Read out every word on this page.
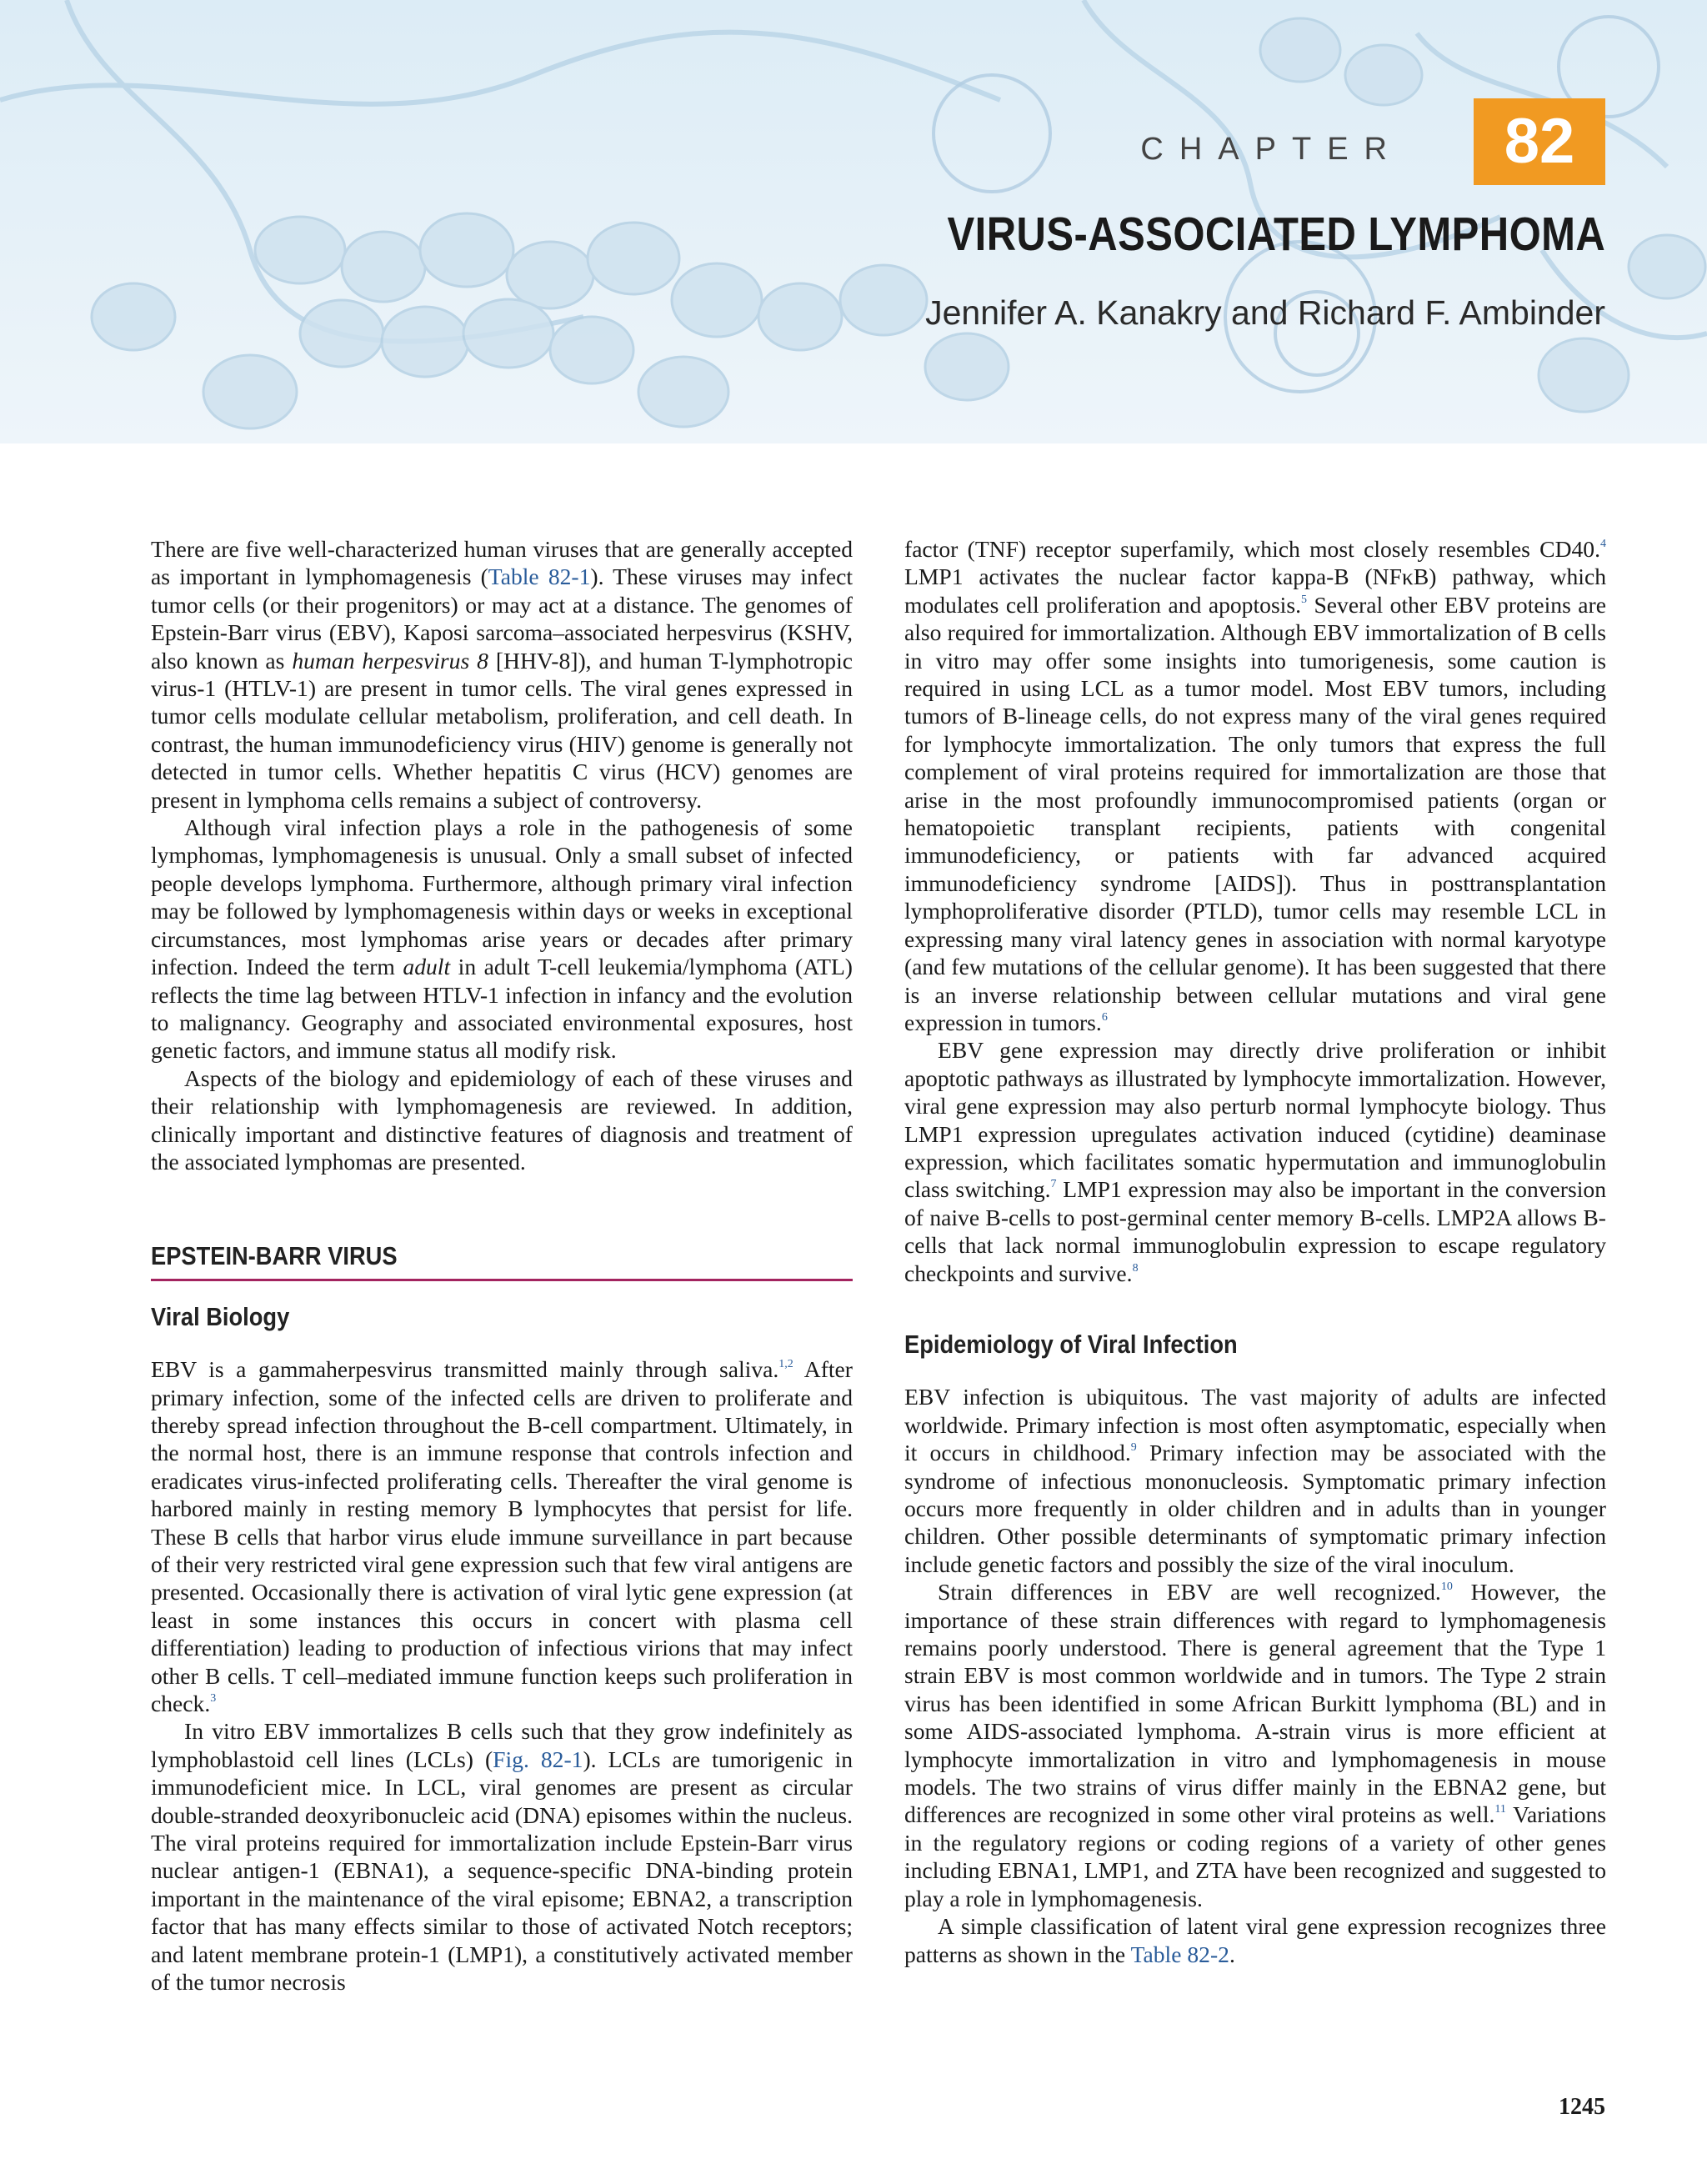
CHAPTER	82
VIRUS-ASSOCIATED LYMPHOMA
Jennifer A. Kanakry and Richard F. Ambinder

There are five well-characterized human viruses that are generally accepted as important in lymphomagenesis (Table 82-1). These viruses may infect tumor cells (or their progenitors) or may act at a distance. The genomes of Epstein-Barr virus (EBV), Kaposi sarcoma–associated herpesvirus (KSHV, also known as human herpesvirus 8 [HHV-8]), and human T-lymphotropic virus-1 (HTLV-1) are present in tumor cells. The viral genes expressed in tumor cells modulate cellular metabolism, proliferation, and cell death. In contrast, the human immunodeficiency virus (HIV) genome is generally not detected in tumor cells. Whether hepatitis C virus (HCV) genomes are present in lymphoma cells remains a subject of controversy.

Although viral infection plays a role in the pathogenesis of some lymphomas, lymphomagenesis is unusual. Only a small subset of infected people develops lymphoma. Furthermore, although primary viral infection may be followed by lymphomagenesis within days or weeks in exceptional circumstances, most lymphomas arise years or decades after primary infection. Indeed the term adult in adult T-cell leukemia/lymphoma (ATL) reflects the time lag between HTLV-1 infection in infancy and the evolution to malignancy. Geography and associated environmental exposures, host genetic factors, and immune status all modify risk.

Aspects of the biology and epidemiology of each of these viruses and their relationship with lymphomagenesis are reviewed. In addition, clinically important and distinctive features of diagnosis and treatment of the associated lymphomas are presented.

EPSTEIN-BARR VIRUS
Viral Biology

EBV is a gammaherpesvirus transmitted mainly through saliva.$^{1,2}$ After primary infection, some of the infected cells are driven to proliferate and thereby spread infection throughout the B-cell compartment. Ultimately, in the normal host, there is an immune response that controls infection and eradicates virus-infected proliferating cells. Thereafter the viral genome is harbored mainly in resting memory B lymphocytes that persist for life. These B cells that harbor virus elude immune surveillance in part because of their very restricted viral gene expression such that few viral antigens are presented. Occasionally there is activation of viral lytic gene expression (at least in some instances this occurs in concert with plasma cell differentiation) leading to production of infectious virions that may infect other B cells. T cell–mediated immune function keeps such proliferation in check.$^3$

In vitro EBV immortalizes B cells such that they grow indefinitely as lymphoblastoid cell lines (LCLs) (Fig. 82-1). LCLs are tumorigenic in immunodeficient mice. In LCL, viral genomes are present as circular double-stranded deoxyribonucleic acid (DNA) episomes within the nucleus. The viral proteins required for immortalization include Epstein-Barr virus nuclear antigen-1 (EBNA1), a sequence-specific DNA-binding protein important in the maintenance of the viral episome; EBNA2, a transcription factor that has many effects similar to those of activated Notch receptors; and latent membrane protein-1 (LMP1), a constitutively activated member of the tumor necrosis

factor (TNF) receptor superfamily, which most closely resembles CD40.$^4$ LMP1 activates the nuclear factor kappa-B (NFκB) pathway, which modulates cell proliferation and apoptosis.$^5$ Several other EBV proteins are also required for immortalization. Although EBV immortalization of B cells in vitro may offer some insights into tumorigenesis, some caution is required in using LCL as a tumor model. Most EBV tumors, including tumors of B-lineage cells, do not express many of the viral genes required for lymphocyte immortalization. The only tumors that express the full complement of viral proteins required for immortalization are those that arise in the most profoundly immunocompromised patients (organ or hematopoietic transplant recipients, patients with congenital immunodeficiency, or patients with far advanced acquired immunodeficiency syndrome [AIDS]). Thus in posttransplantation lymphoproliferative disorder (PTLD), tumor cells may resemble LCL in expressing many viral latency genes in association with normal karyotype (and few mutations of the cellular genome). It has been suggested that there is an inverse relationship between cellular mutations and viral gene expression in tumors.$^6$

EBV gene expression may directly drive proliferation or inhibit apoptotic pathways as illustrated by lymphocyte immortalization. However, viral gene expression may also perturb normal lymphocyte biology. Thus LMP1 expression upregulates activation induced (cytidine) deaminase expression, which facilitates somatic hypermutation and immunoglobulin class switching.$^7$ LMP1 expression may also be important in the conversion of naive B-cells to post-germinal center memory B-cells. LMP2A allows B-cells that lack normal immunoglobulin expression to escape regulatory checkpoints and survive.$^8$

Epidemiology of Viral Infection

EBV infection is ubiquitous. The vast majority of adults are infected worldwide. Primary infection is most often asymptomatic, especially when it occurs in childhood.$^9$ Primary infection may be associated with the syndrome of infectious mononucleosis. Symptomatic primary infection occurs more frequently in older children and in adults than in younger children. Other possible determinants of symptomatic primary infection include genetic factors and possibly the size of the viral inoculum.

Strain differences in EBV are well recognized.$^{10}$ However, the importance of these strain differences with regard to lymphomagenesis remains poorly understood. There is general agreement that the Type 1 strain EBV is most common worldwide and in tumors. The Type 2 strain virus has been identified in some African Burkitt lymphoma (BL) and in some AIDS-associated lymphoma. A-strain virus is more efficient at lymphocyte immortalization in vitro and lymphomagenesis in mouse models. The two strains of virus differ mainly in the EBNA2 gene, but differences are recognized in some other viral proteins as well.$^{11}$ Variations in the regulatory regions or coding regions of a variety of other genes including EBNA1, LMP1, and ZTA have been recognized and suggested to play a role in lymphomagenesis.

A simple classification of latent viral gene expression recognizes three patterns as shown in the Table 82-2.

1245
